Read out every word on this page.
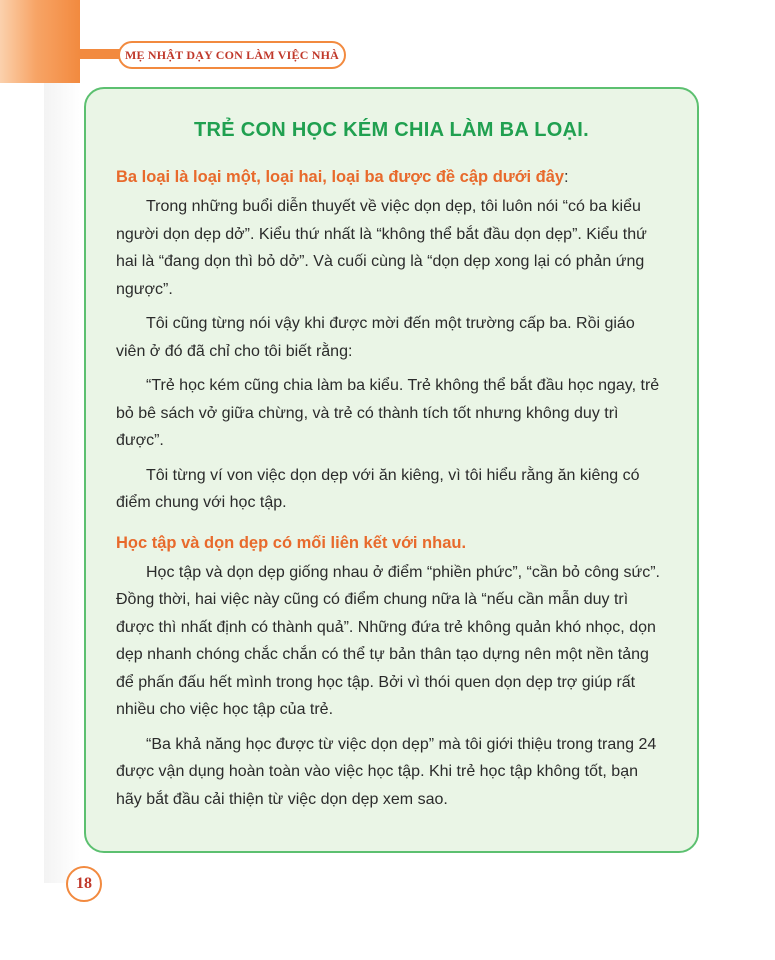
MẸ NHẬT DẠY CON LÀM VIỆC NHÀ
TRẺ CON HỌC KÉM CHIA LÀM BA LOẠI.
Ba loại là loại một, loại hai, loại ba được đề cập dưới đây:

Trong những buổi diễn thuyết về việc dọn dẹp, tôi luôn nói “có ba kiểu người dọn dẹp dở”. Kiểu thứ nhất là “không thể bắt đầu dọn dẹp”. Kiểu thứ hai là “đang dọn thì bỏ dở”. Và cuối cùng là “dọn dẹp xong lại có phản ứng ngược”.

Tôi cũng từng nói vậy khi được mời đến một trường cấp ba. Rồi giáo viên ở đó đã chỉ cho tôi biết rằng:

“Trẻ học kém cũng chia làm ba kiểu. Trẻ không thể bắt đầu học ngay, trẻ bỏ bê sách vở giữa chừng, và trẻ có thành tích tốt nhưng không duy trì được”.

Tôi từng ví von việc dọn dẹp với ăn kiêng, vì tôi hiểu rằng ăn kiêng có điểm chung với học tập.

Học tập và dọn dẹp có mối liên kết với nhau.

Học tập và dọn dẹp giống nhau ở điểm “phiền phức”, “cần bỏ công sức”. Đồng thời, hai việc này cũng có điểm chung nữa là “nếu cần mẫn duy trì được thì nhất định có thành quả”. Những đứa trẻ không quản khó nhọc, dọn dẹp nhanh chóng chắc chắn có thể tự bản thân tạo dựng nên một nền tảng để phấn đấu hết mình trong học tập. Bởi vì thói quen dọn dẹp trợ giúp rất nhiều cho việc học tập của trẻ.

“Ba khả năng học được từ việc dọn dẹp” mà tôi giới thiệu trong trang 24 được vận dụng hoàn toàn vào việc học tập. Khi trẻ học tập không tốt, bạn hãy bắt đầu cải thiện từ việc dọn dẹp xem sao.

18
